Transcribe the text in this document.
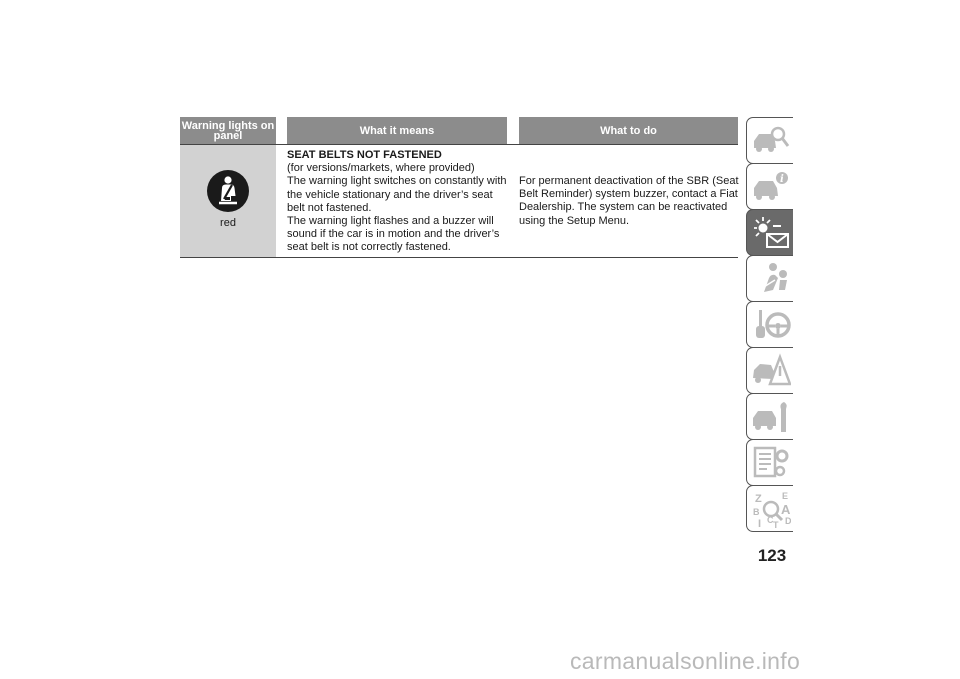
Warning lights on panel	What it means	What to do
red
SEAT BELTS NOT FASTENED
(for versions/markets, where provided)
The warning light switches on constantly with the vehicle stationary and the driver’s seat belt not fastened.
The warning light flashes and a buzzer will sound if the car is in motion and the driver’s seat belt is not correctly fastened.
For permanent deactivation of the SBR (Seat Belt Reminder) system buzzer, contact a Fiat Dealership. The system can be reactivated using the Setup Menu.
i
Z E
B A
C D
I T
123
carmanualsonline.info
